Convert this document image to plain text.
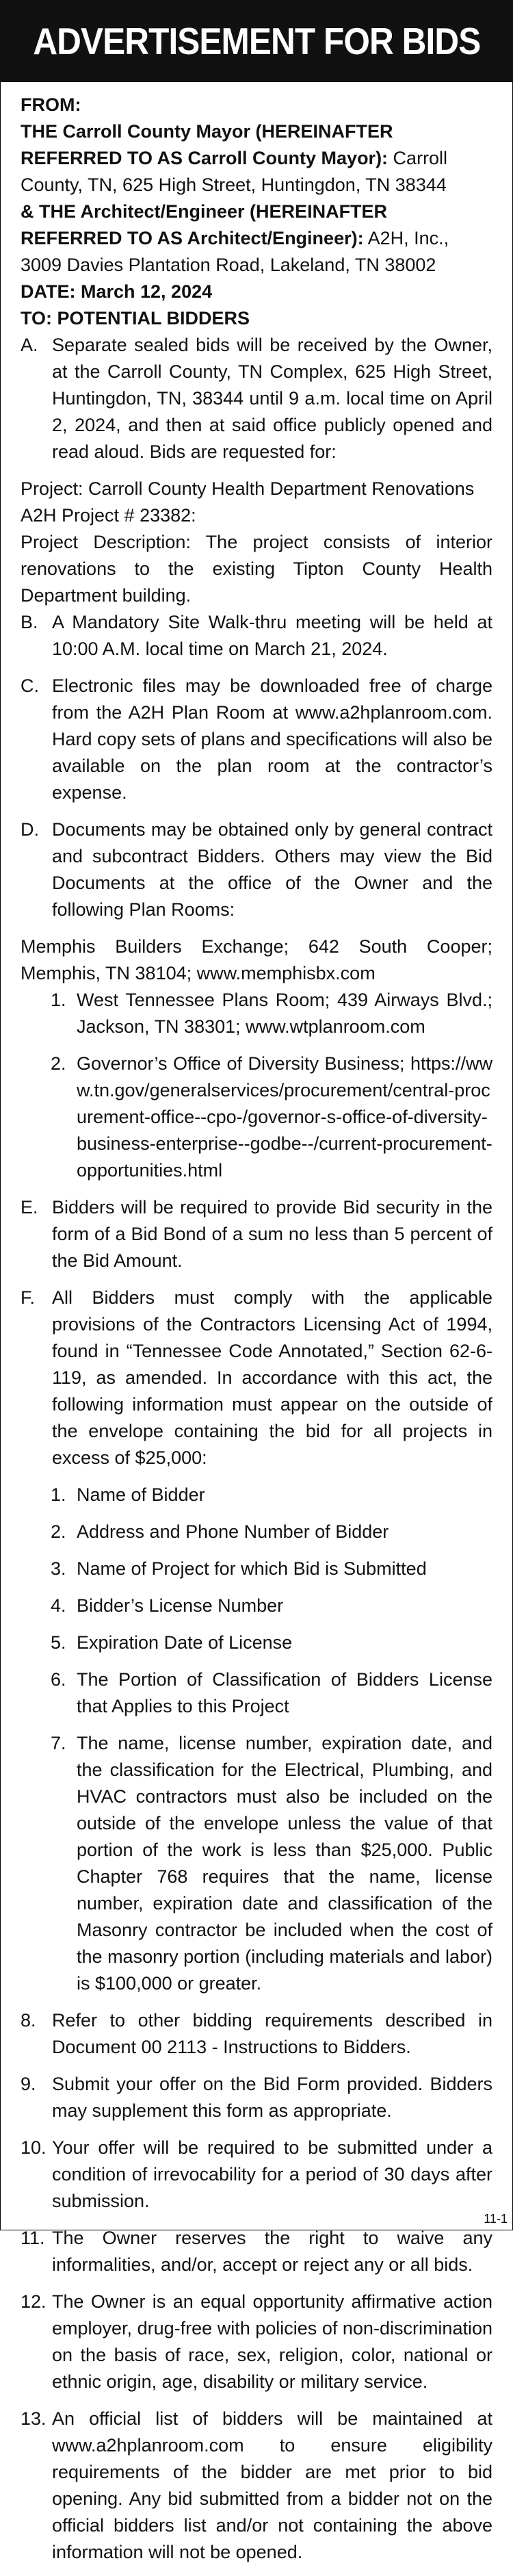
ADVERTISEMENT FOR BIDS

FROM:

THE Carroll County Mayor (HEREINAFTER REFERRED TO AS Carroll County Mayor): Carroll County, TN, 625 High Street, Huntingdon, TN 38344

& THE Architect/Engineer (HEREINAFTER REFERRED TO AS Architect/Engineer): A2H, Inc., 3009 Davies Plantation Road, Lakeland, TN 38002

DATE: March 12, 2024

TO: POTENTIAL BIDDERS

A. Separate sealed bids will be received by the Owner, at the Carroll County, TN Complex, 625 High Street, Huntingdon, TN, 38344 until 9 a.m. local time on April 2, 2024, and then at said office publicly opened and read aloud. Bids are requested for:

Project: Carroll County Health Department Renovations

A2H Project # 23382:

Project Description: The project consists of interior renovations to the existing Tipton County Health Department building.

B. A Mandatory Site Walk-thru meeting will be held at 10:00 A.M. local time on March 21, 2024.
C. Electronic files may be downloaded free of charge from the A2H Plan Room at www.a2hplanroom.com. Hard copy sets of plans and specifications will also be available on the plan room at the contractor’s expense.
D. Documents may be obtained only by general contract and subcontract Bidders. Others may view the Bid Documents at the office of the Owner and the following Plan Rooms:

Memphis Builders Exchange; 642 South Cooper; Memphis, TN 38104; www.memphisbx.com

1. West Tennessee Plans Room; 439 Airways Blvd.; Jackson, TN 38301; www.wtplanroom.com
2. Governor’s Office of Diversity Business; https://www.tn.gov/generalservices/procurement/central-procurement-office--cpo-/governor-s-office-of-diversity-business-enterprise--godbe--/current-procurement-opportunities.html
E. Bidders will be required to provide Bid security in the form of a Bid Bond of a sum no less than 5 percent of the Bid Amount.
F. All Bidders must comply with the applicable provisions of the Contractors Licensing Act of 1994, found in “Tennessee Code Annotated,” Section 62-6-119, as amended. In accordance with this act, the following information must appear on the outside of the envelope containing the bid for all projects in excess of $25,000:
1. Name of Bidder
2. Address and Phone Number of Bidder
3. Name of Project for which Bid is Submitted
4. Bidder’s License Number
5. Expiration Date of License
6. The Portion of Classification of Bidders License that Applies to this Project
7. The name, license number, expiration date, and the classification for the Electrical, Plumbing, and HVAC contractors must also be included on the outside of the envelope unless the value of that portion of the work is less than $25,000. Public Chapter 768 requires that the name, license number, expiration date and classification of the Masonry contractor be included when the cost of the masonry portion (including materials and labor) is $100,000 or greater.
8. Refer to other bidding requirements described in Document 00 2113 - Instructions to Bidders.
9. Submit your offer on the Bid Form provided. Bidders may supplement this form as appropriate.
10. Your offer will be required to be submitted under a condition of irrevocability for a period of 30 days after submission.
11. The Owner reserves the right to waive any informalities, and/or, accept or reject any or all bids.
12. The Owner is an equal opportunity affirmative action employer, drug-free with policies of non-discrimination on the basis of race, sex, religion, color, national or ethnic origin, age, disability or military service.
13. An official list of bidders will be maintained at www.a2hplanroom.com to ensure eligibility requirements of the bidder are met prior to bid opening. Any bid submitted from a bidder not on the official bidders list and/or not containing the above information will not be opened.
11-1
